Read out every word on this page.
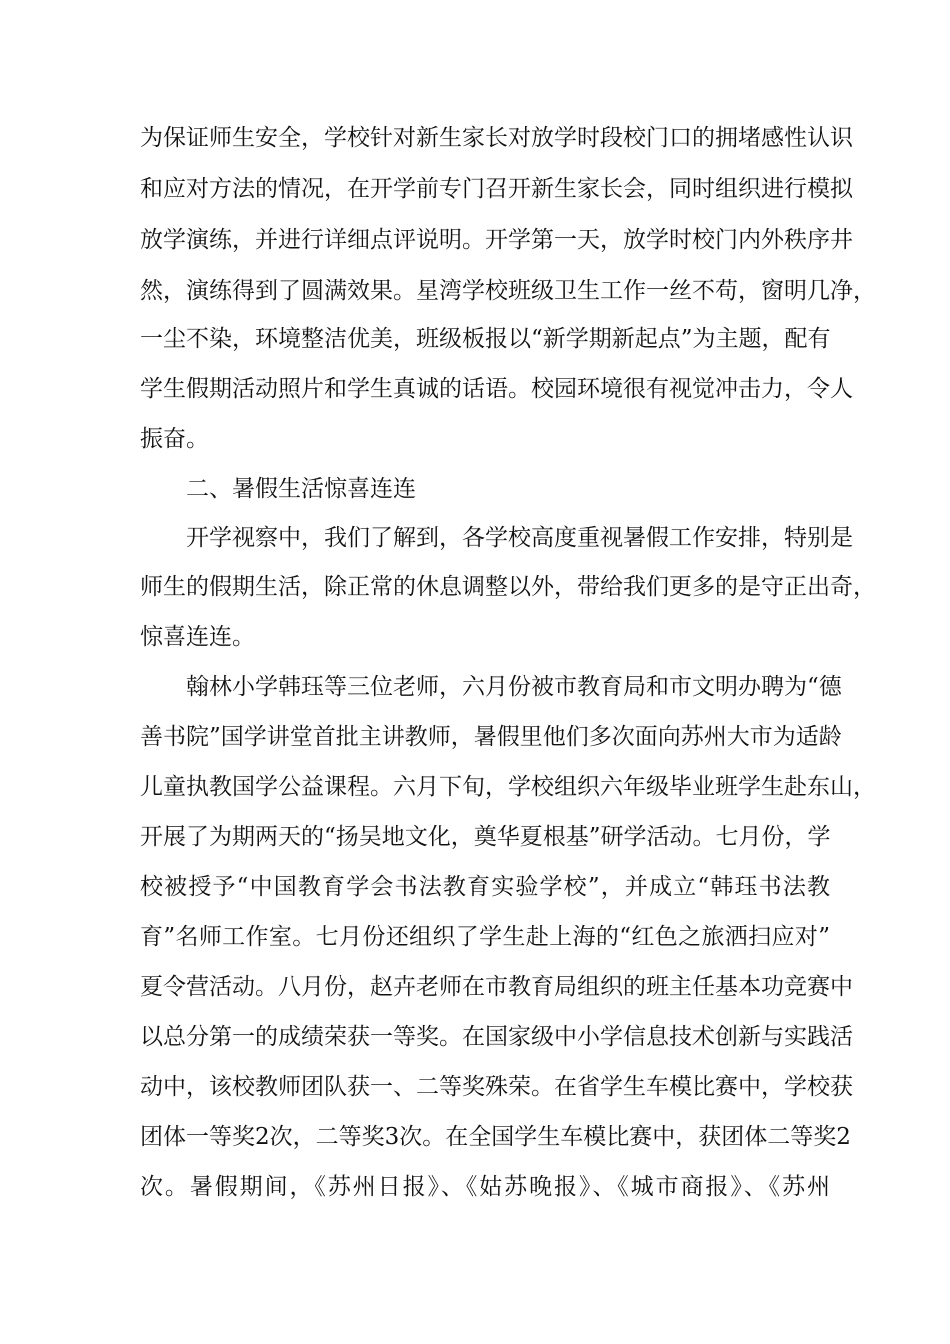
为保证师生安全，学校针对新生家长对放学时段校门口的拥堵感性认识
和应对方法的情况，在开学前专门召开新生家长会，同时组织进行模拟
放学演练，并进行详细点评说明。开学第一天，放学时校门内外秩序井
然，演练得到了圆满效果。星湾学校班级卫生工作一丝不苟，窗明几净，
一尘不染，环境整洁优美，班级板报以“新学期新起点”为主题，配有
学生假期活动照片和学生真诚的话语。校园环境很有视觉冲击力，令人
振奋。
二、暑假生活惊喜连连
开学视察中，我们了解到，各学校高度重视暑假工作安排，特别是
师生的假期生活，除正常的休息调整以外，带给我们更多的是守正出奇，
惊喜连连。
翰林小学韩珏等三位老师，六月份被市教育局和市文明办聘为“德
善书院”国学讲堂首批主讲教师，暑假里他们多次面向苏州大市为适龄
儿童执教国学公益课程。六月下旬，学校组织六年级毕业班学生赴东山，
开展了为期两天的“扬吴地文化，奠华夏根基”研学活动。七月份，学
校被授予“中国教育学会书法教育实验学校”，并成立“韩珏书法教
育”名师工作室。七月份还组织了学生赴上海的“红色之旅洒扫应对”
夏令营活动。八月份，赵卉老师在市教育局组织的班主任基本功竞赛中
以总分第一的成绩荣获一等奖。在国家级中小学信息技术创新与实践活
动中，该校教师团队获一、二等奖殊荣。在省学生车模比赛中，学校获
团体一等奖2次，二等奖3次。在全国学生车模比赛中，获团体二等奖2
次。暑假期间，《苏州日报》、《姑苏晚报》、《城市商报》、《苏州
